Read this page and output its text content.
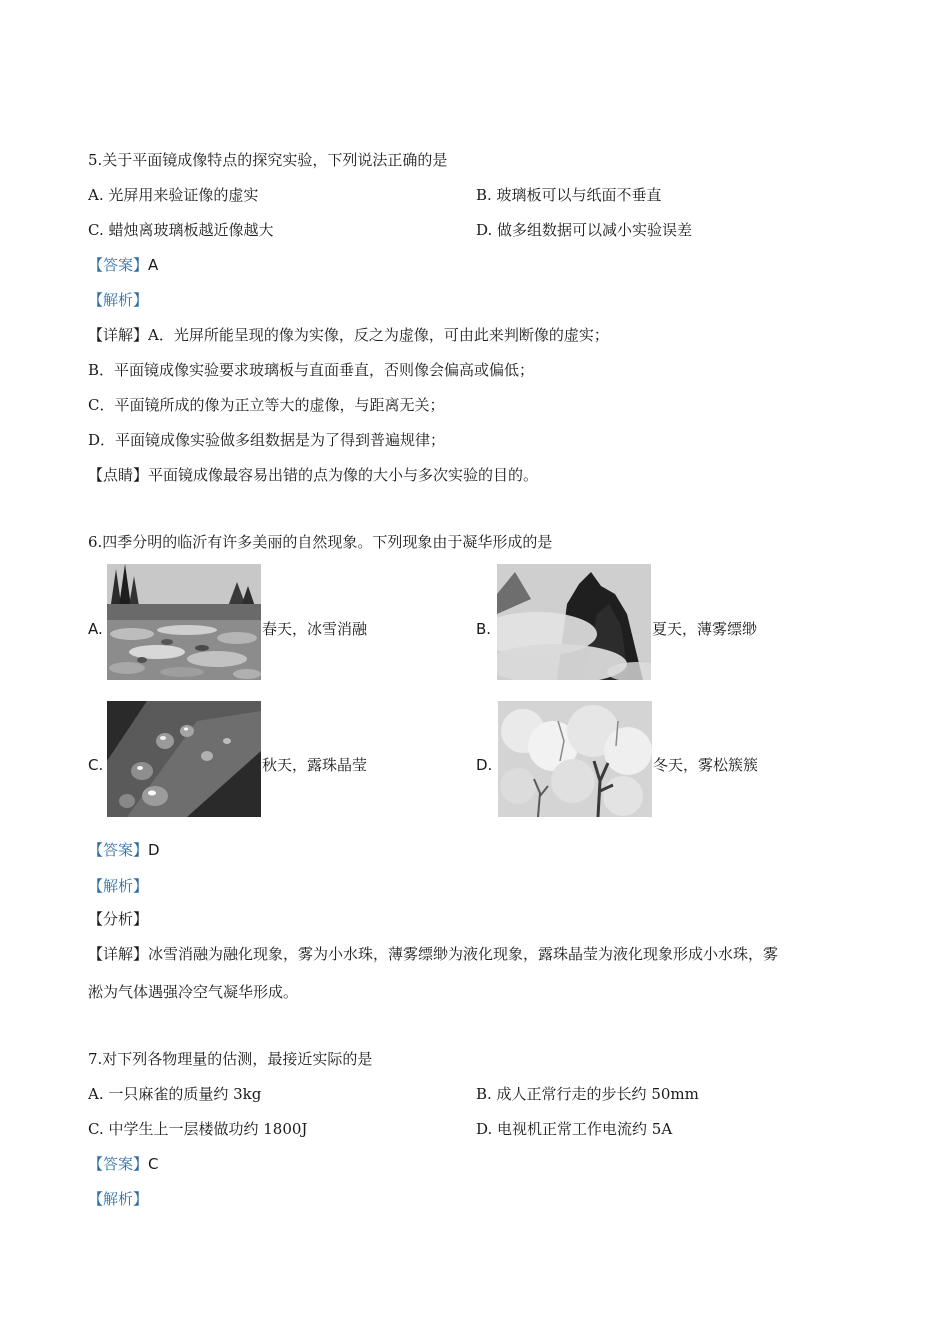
5.关于平面镜成像特点的探究实验，下列说法正确的是
A. 光屏用来验证像的虚实	B. 玻璃板可以与纸面不垂直
C. 蜡烛离玻璃板越近像越大	D. 做多组数据可以减小实验误差
【答案】A
【解析】
【详解】A．光屏所能呈现的像为实像，反之为虚像，可由此来判断像的虚实；
B．平面镜成像实验要求玻璃板与直面垂直，否则像会偏高或偏低；
C．平面镜所成的像为正立等大的虚像，与距离无关；
D．平面镜成像实验做多组数据是为了得到普遍规律；
【点睛】平面镜成像最容易出错的点为像的大小与多次实验的目的。
6.四季分明的临沂有许多美丽的自然现象。下列现象由于凝华形成的是
A.	春天，冰雪消融	B.	夏天，薄雾缥缈
C.	秋天，露珠晶莹	D.	冬天，雾松簇簇
【答案】D
【解析】
【分析】
【详解】冰雪消融为融化现象，雾为小水珠，薄雾缥缈为液化现象，露珠晶莹为液化现象形成小水珠，雾
淞为气体遇强冷空气凝华形成。
7.对下列各物理量的估测，最接近实际的是
A. 一只麻雀的质量约 3kg	B. 成人正常行走的步长约 50mm
C. 中学生上一层楼做功约 1800J	D. 电视机正常工作电流约 5A
【答案】C
【解析】
